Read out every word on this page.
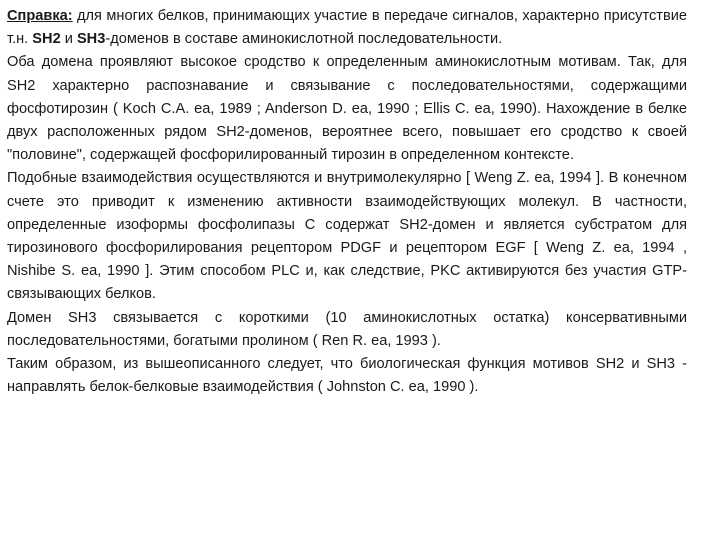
Справка: для многих белков, принимающих участие в передаче сигналов, характерно присутствие т.н. SH2 и SH3-доменов в составе аминокислотной последовательности.

Оба домена проявляют высокое сродство к определенным аминокислотным мотивам. Так, для SH2 характерно распознавание и связывание с последовательностями, содержащими фосфотирозин ( Koch C.A. ea, 1989 ; Anderson D. ea, 1990 ; Ellis C. ea, 1990). Нахождение в белке двух расположенных рядом SH2-доменов, вероятнее всего, повышает его сродство к своей "половине", содержащей фосфорилированный тирозин в определенном контексте.

Подобные взаимодействия осуществляются и внутримолекулярно [ Weng Z. ea, 1994 ]. В конечном счете это приводит к изменению активности взаимодействующих молекул. В частности, определенные изоформы фосфолипазы С содержат SH2-домен и является субстратом для тирозинового фосфорилирования рецептором PDGF и рецептором EGF [ Weng Z. ea, 1994 , Nishibe S. ea, 1990 ]. Этим способом PLC и, как следствие, PKC активируются без участия GTP-связывающих белков.

Домен SH3 связывается с короткими (10 аминокислотных остатка) консервативными последовательностями, богатыми пролином ( Ren R. ea, 1993 ).

Таким образом, из вышеописанного следует, что биологическая функция мотивов SH2 и SH3 - направлять белок-белковые взаимодействия ( Johnston C. ea, 1990 ).
